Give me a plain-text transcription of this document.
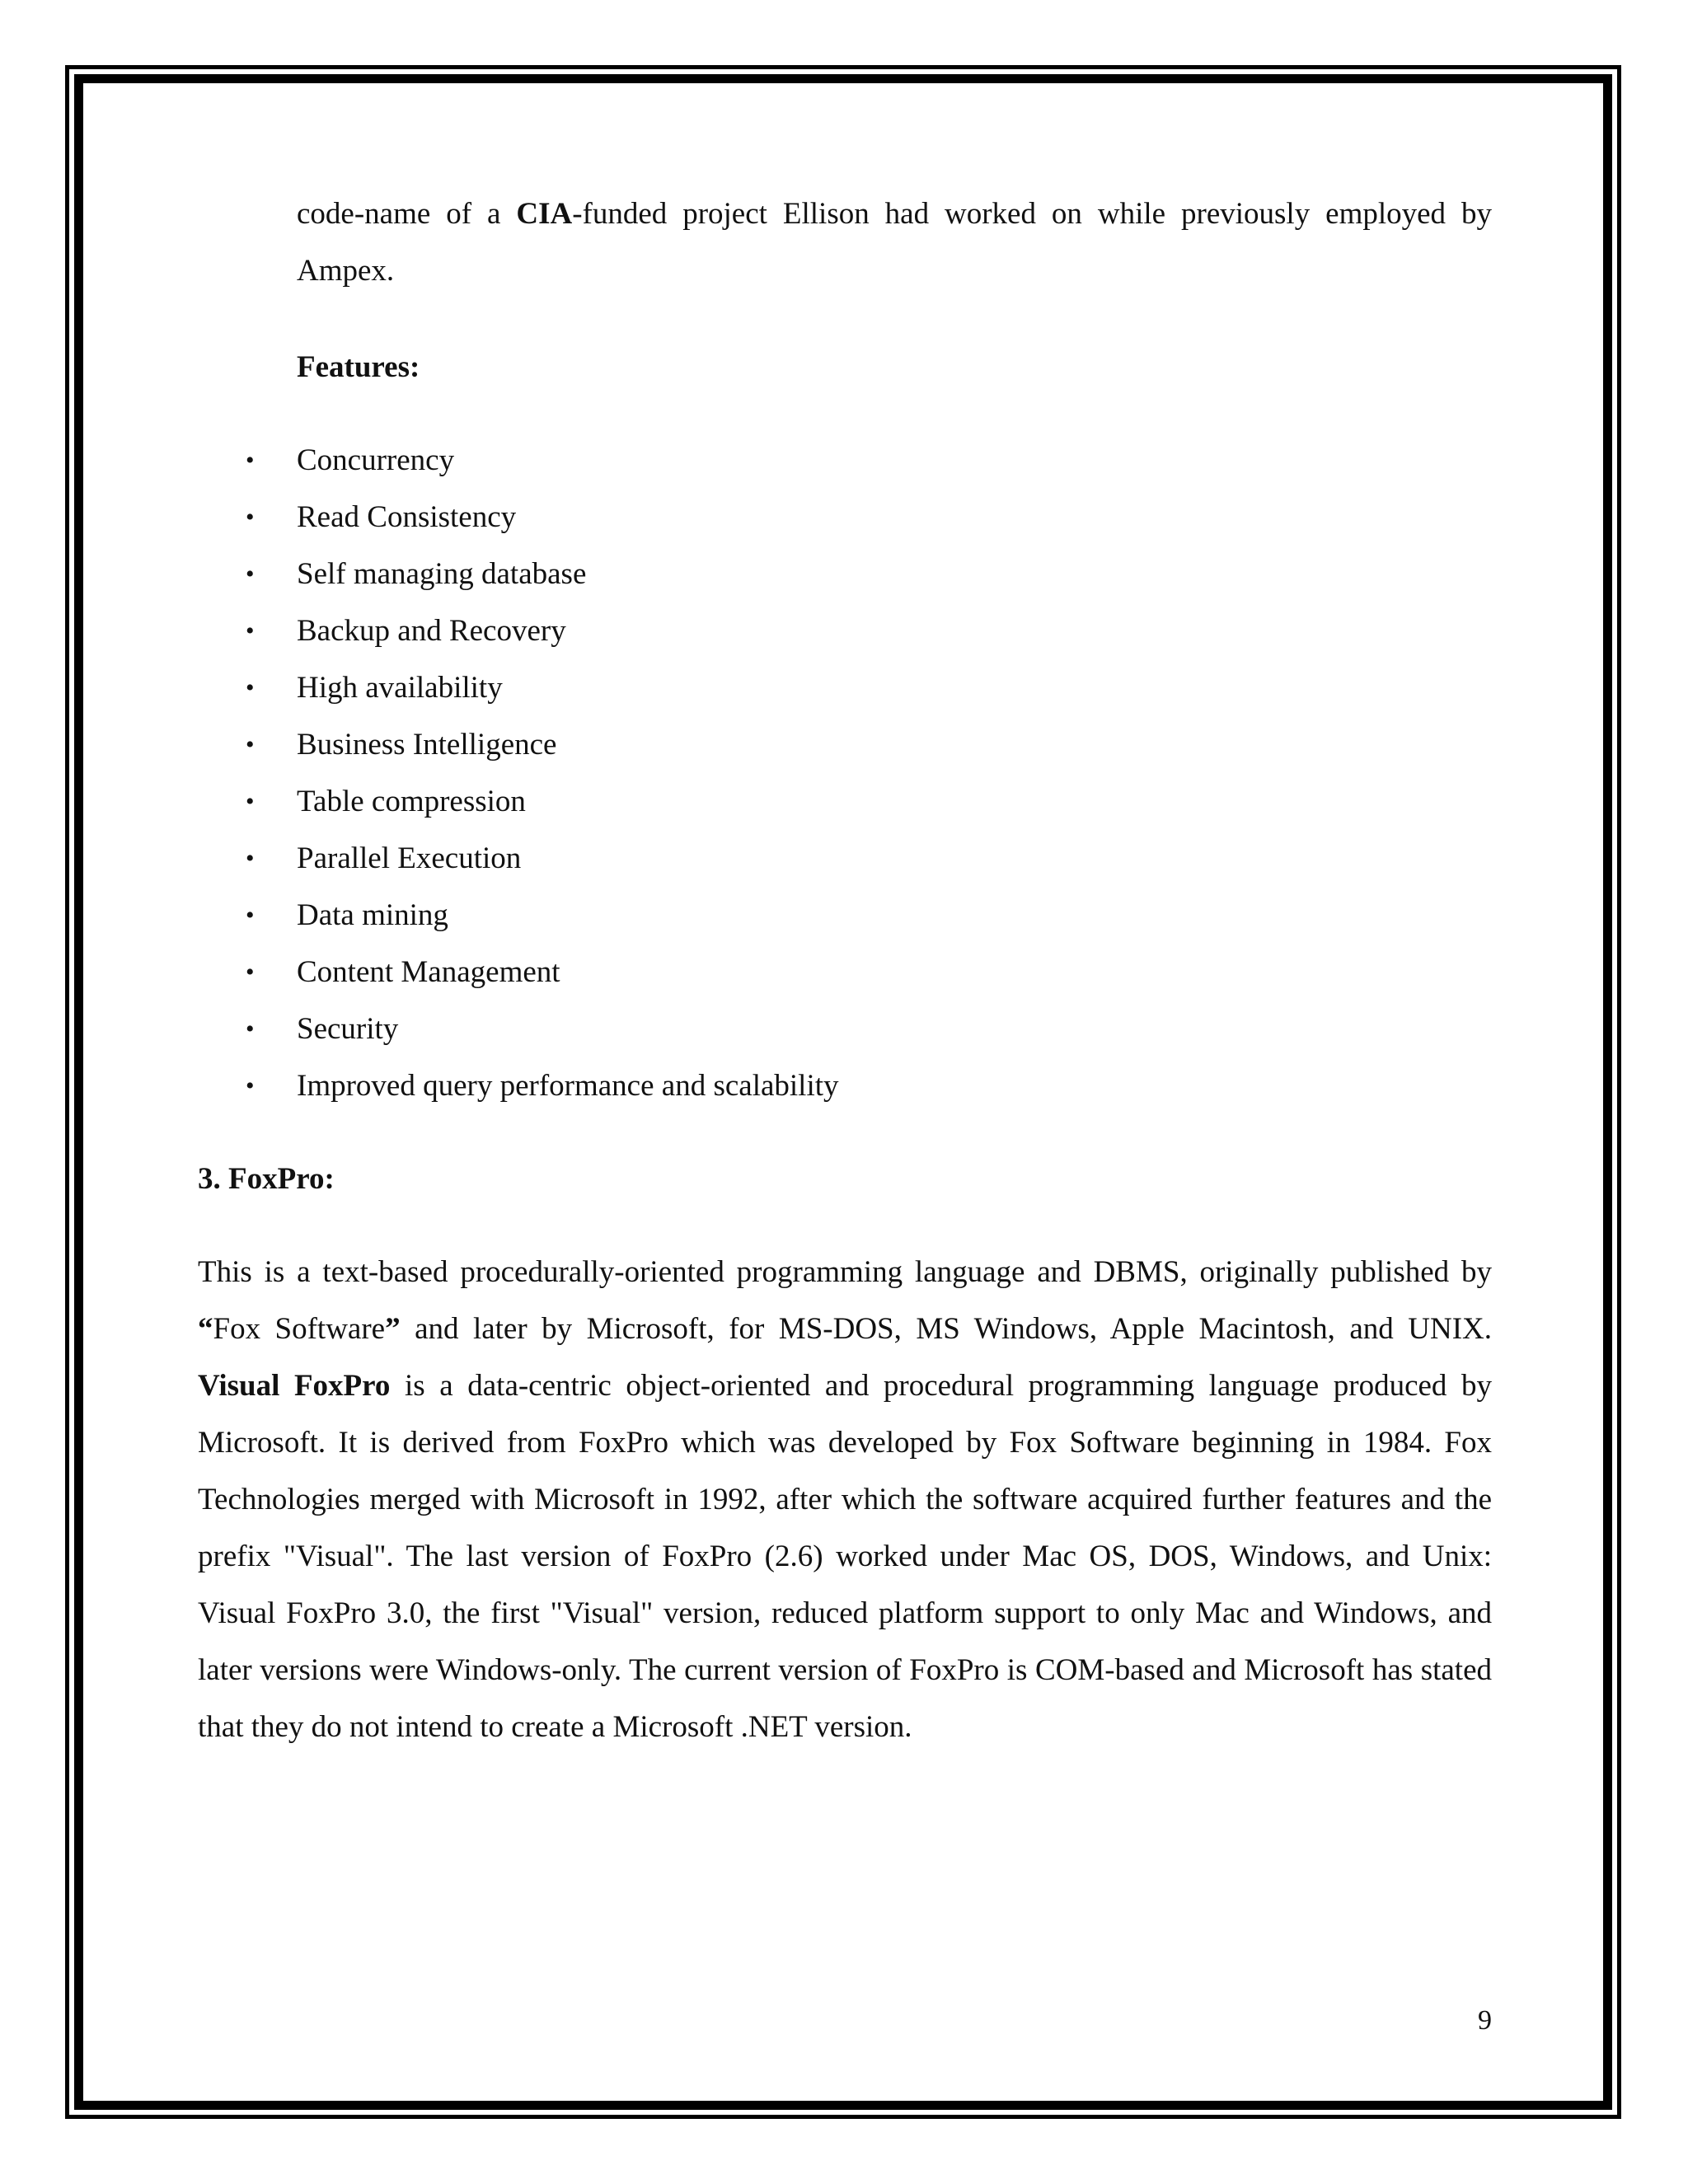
code-name of a CIA-funded project Ellison had worked on while previously employed by Ampex.

Features:

• Concurrency
• Read Consistency
• Self managing database
• Backup and Recovery
• High availability
• Business Intelligence
• Table compression
• Parallel Execution
• Data mining
• Content Management
• Security
• Improved query performance and scalability

3. FoxPro:

This is a text-based procedurally-oriented programming language and DBMS, originally published by “Fox Software” and later by Microsoft, for MS-DOS, MS Windows, Apple Macintosh, and UNIX. Visual FoxPro is a data-centric object-oriented and procedural programming language produced by Microsoft. It is derived from FoxPro which was developed by Fox Software beginning in 1984. Fox Technologies merged with Microsoft in 1992, after which the software acquired further features and the prefix "Visual". The last version of FoxPro (2.6) worked under Mac OS, DOS, Windows, and Unix: Visual FoxPro 3.0, the first "Visual" version, reduced platform support to only Mac and Windows, and later versions were Windows-only. The current version of FoxPro is COM-based and Microsoft has stated that they do not intend to create a Microsoft .NET version.

9
